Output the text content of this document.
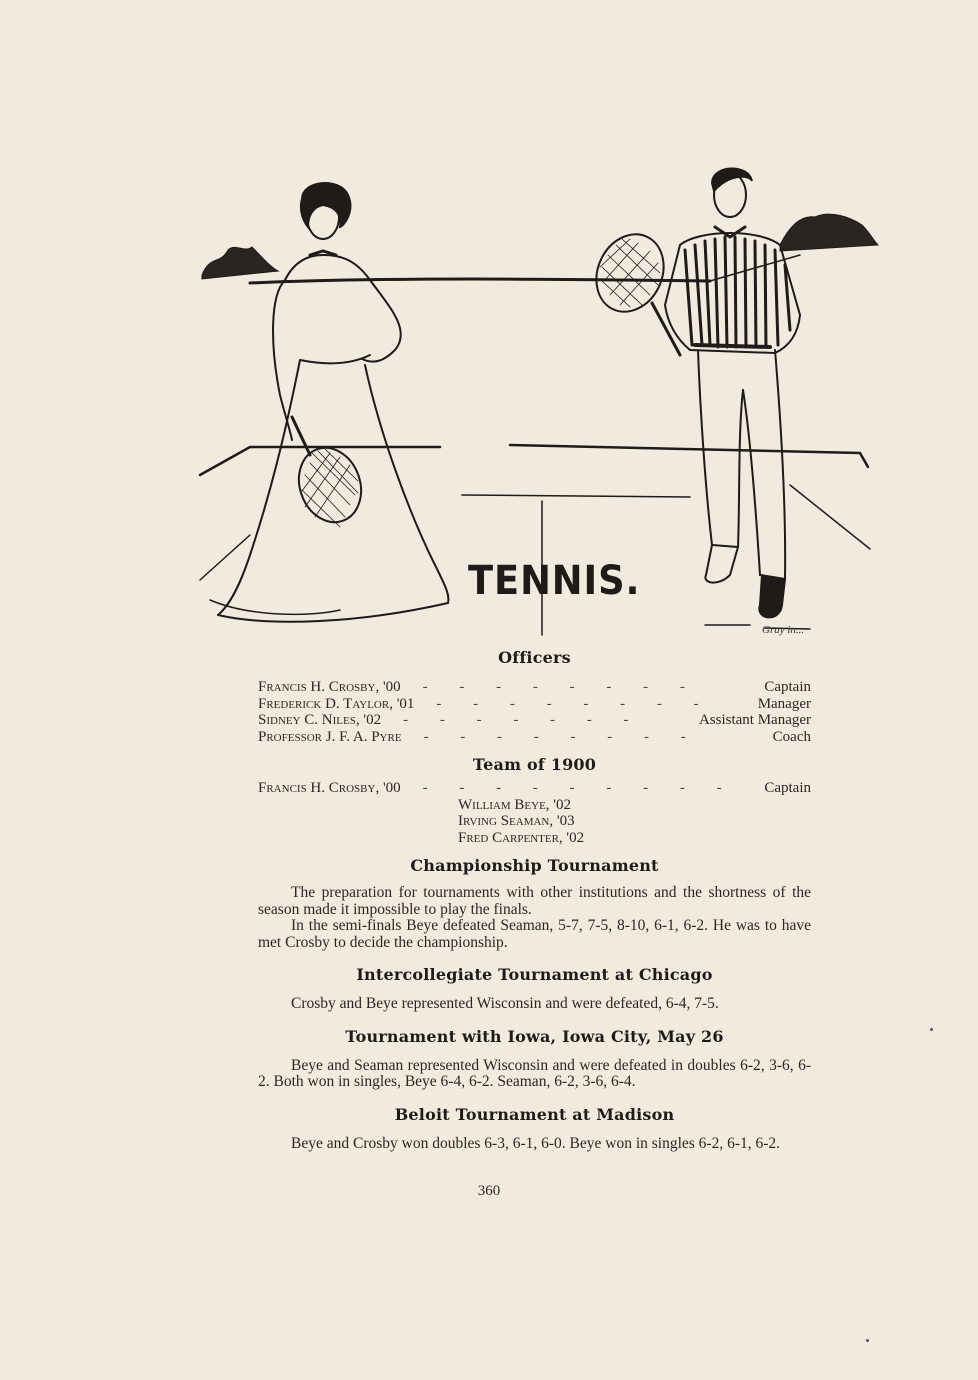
TENNIS.
Gray in...
Officers
Francis H. Crosby, '00	- - - - - - - -	Captain
Frederick D. Taylor, '01	- - - - - - - -	Manager
Sidney C. Niles, '02	- - - - - - -	Assistant Manager
Professor J. F. A. Pyre	- - - - - - - -	Coach
Team of 1900
Francis H. Crosby, '00	- - - - - - - - -	Captain
William Beye, '02
Irving Seaman, '03
Fred Carpenter, '02
Championship Tournament

The preparation for tournaments with other institutions and the shortness of the season made it impossible to play the finals.

In the semi-finals Beye defeated Seaman, 5-7, 7-5, 8-10, 6-1, 6-2. He was to have met Crosby to decide the championship.

Intercollegiate Tournament at Chicago

Crosby and Beye represented Wisconsin and were defeated, 6-4, 7-5.

Tournament with Iowa, Iowa City, May 26

Beye and Seaman represented Wisconsin and were defeated in doubles 6-2, 3-6, 6-2. Both won in singles, Beye 6-4, 6-2. Seaman, 6-2, 3-6, 6-4.

Beloit Tournament at Madison

Beye and Crosby won doubles 6-3, 6-1, 6-0. Beye won in singles 6-2, 6-1, 6-2.

360
